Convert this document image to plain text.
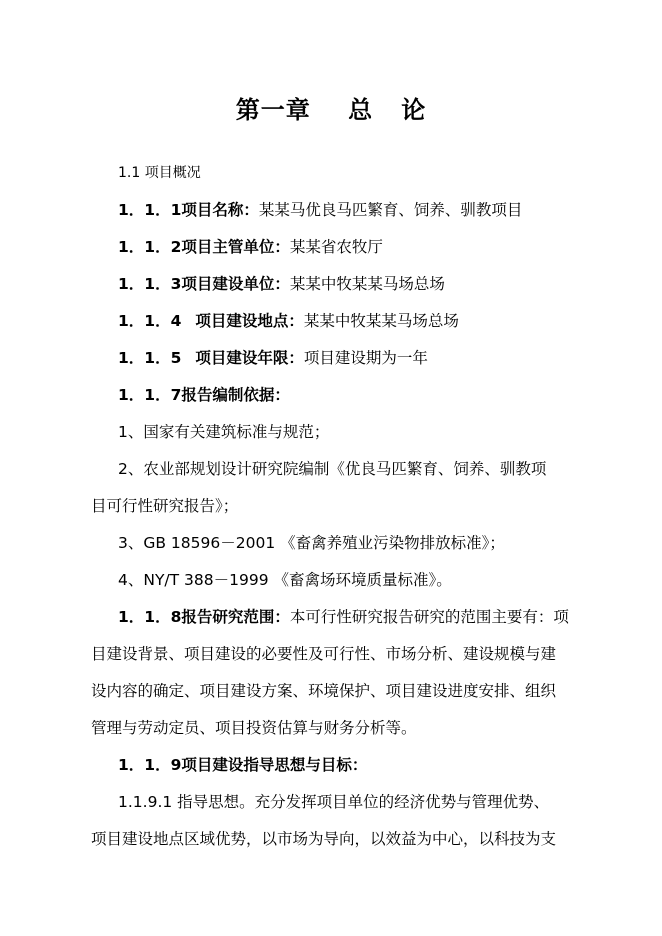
第一章    总   论
1.1 项目概况
1．1．1项目名称：某某马优良马匹繁育、饲养、驯教项目
1．1．2项目主管单位：某某省农牧厅
1．1．3项目建设单位：某某中牧某某马场总场
1．1．4 项目建设地点：某某中牧某某马场总场
1．1．5 项目建设年限：项目建设期为一年
1．1．7报告编制依据：
1、国家有关建筑标准与规范；
2、农业部规划设计研究院编制《优良马匹繁育、饲养、驯教项
目可行性研究报告》；
3、GB 18596－2001 《畜禽养殖业污染物排放标准》；
4、NY/T 388－1999 《畜禽场环境质量标准》。
1．1．8报告研究范围：本可行性研究报告研究的范围主要有：项
目建设背景、项目建设的必要性及可行性、市场分析、建设规模与建
设内容的确定、项目建设方案、环境保护、项目建设进度安排、组织
管理与劳动定员、项目投资估算与财务分析等。
1．1．9项目建设指导思想与目标：
1.1.9.1 指导思想。充分发挥项目单位的经济优势与管理优势、
项目建设地点区域优势，以市场为导向，以效益为中心，以科技为支
